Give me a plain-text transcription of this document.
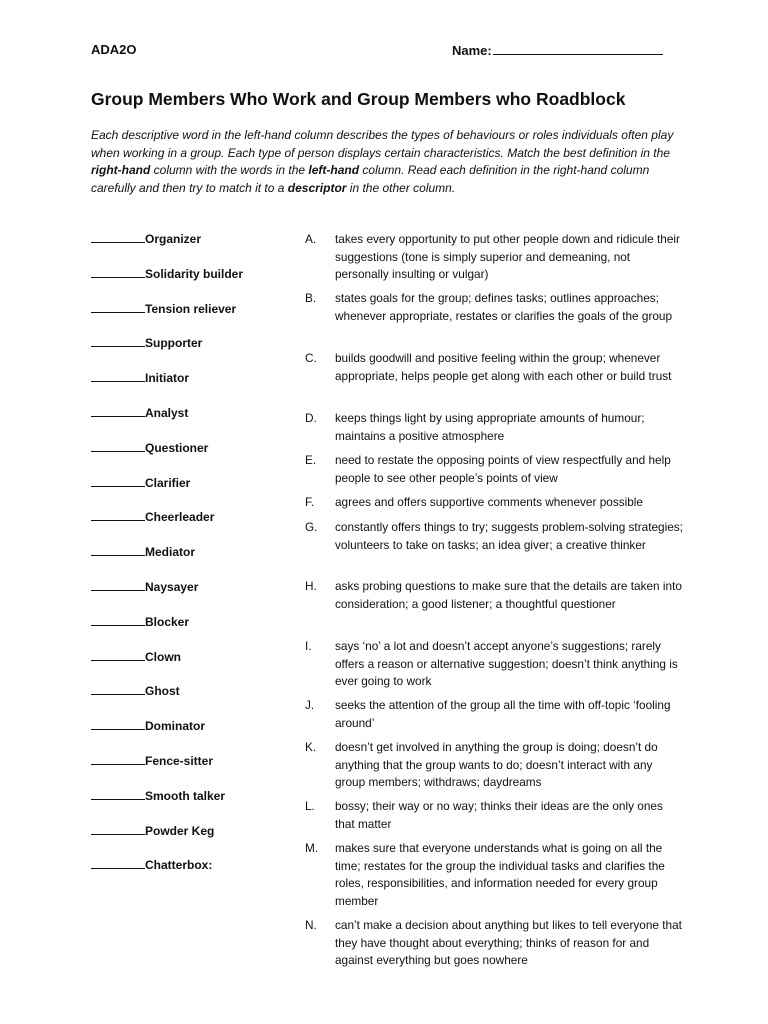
ADA2O	Name:
Group Members Who Work and Group Members who Roadblock
Each descriptive word in the left-hand column describes the types of behaviours or roles individuals often play when working in a group. Each type of person displays certain characteristics. Match the best definition in the right-hand column with the words in the left-hand column. Read each definition in the right-hand column carefully and then try to match it to a descriptor in the other column.
Organizer
Solidarity builder
Tension reliever
Supporter
Initiator
Analyst
Questioner
Clarifier
Cheerleader
Mediator
Naysayer
Blocker
Clown
Ghost
Dominator
Fence-sitter
Smooth talker
Powder Keg
Chatterbox:
A. takes every opportunity to put other people down and ridicule their suggestions (tone is simply superior and demeaning, not personally insulting or vulgar)
B. states goals for the group; defines tasks; outlines approaches; whenever appropriate, restates or clarifies the goals of the group
C. builds goodwill and positive feeling within the group; whenever appropriate, helps people get along with each other or build trust
D. keeps things light by using appropriate amounts of humour; maintains a positive atmosphere
E. need to restate the opposing points of view respectfully and help people to see other people’s points of view
F. agrees and offers supportive comments whenever possible
G. constantly offers things to try; suggests problem-solving strategies; volunteers to take on tasks; an idea giver; a creative thinker
H. asks probing questions to make sure that the details are taken into consideration; a good listener; a thoughtful questioner
I. says ‘no’ a lot and doesn’t accept anyone’s suggestions; rarely offers a reason or alternative suggestion; doesn’t think anything is ever going to work
J. seeks the attention of the group all the time with off-topic ‘fooling around’
K. doesn’t get involved in anything the group is doing; doesn’t do anything that the group wants to do; doesn’t interact with any group members; withdraws; daydreams
L. bossy; their way or no way; thinks their ideas are the only ones that matter
M. makes sure that everyone understands what is going on all the time; restates for the group the individual tasks and clarifies the roles, responsibilities, and information needed for every group member
N. can’t make a decision about anything but likes to tell everyone that they have thought about everything; thinks of reason for and against everything but goes nowhere
